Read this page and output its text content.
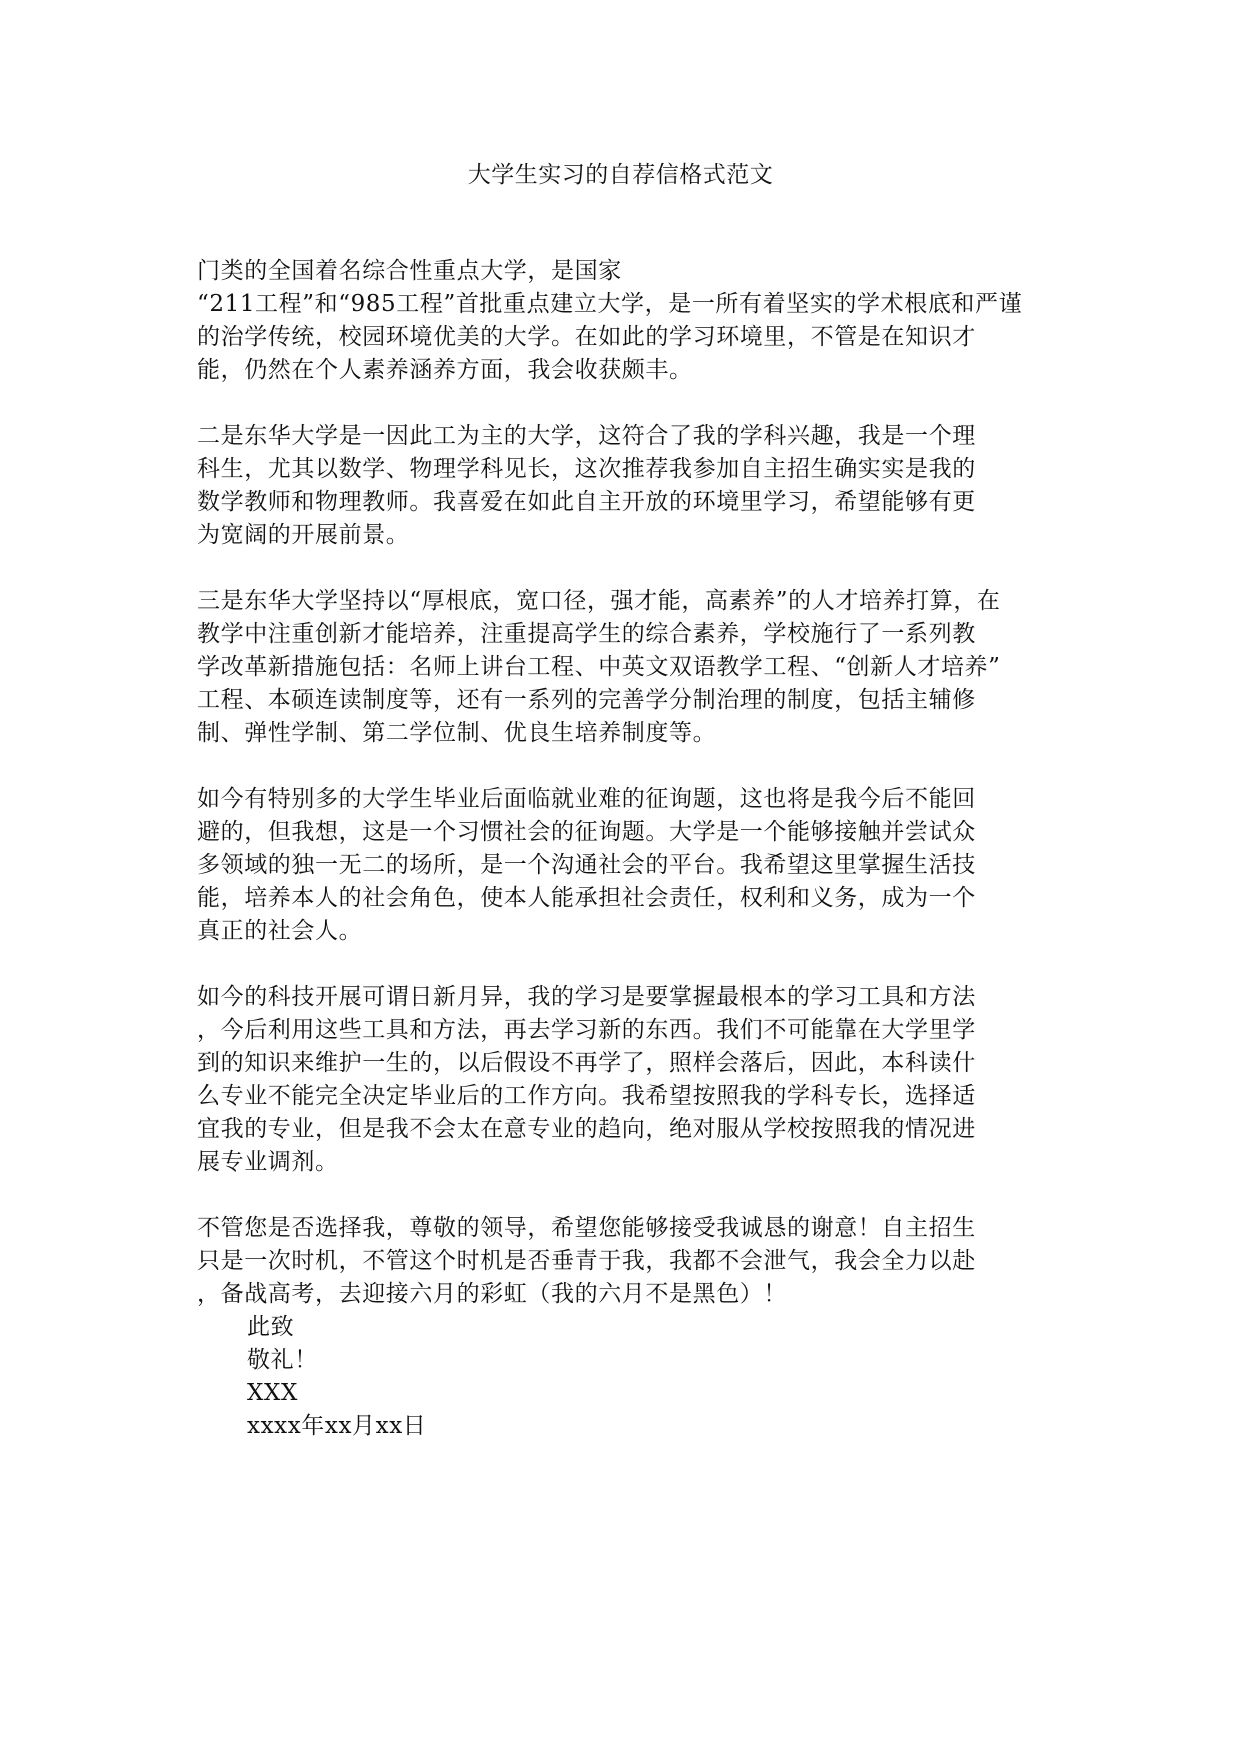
大学生实习的自荐信格式范文
门类的全国着名综合性重点大学，是国家
“211工程”和“985工程”首批重点建立大学，是一所有着坚实的学术根底和严谨
的治学传统，校园环境优美的大学。在如此的学习环境里，不管是在知识才
能，仍然在个人素养涵养方面，我会收获颇丰。
二是东华大学是一因此工为主的大学，这符合了我的学科兴趣，我是一个理
科生，尤其以数学、物理学科见长，这次推荐我参加自主招生确实实是我的
数学教师和物理教师。我喜爱在如此自主开放的环境里学习，希望能够有更
为宽阔的开展前景。
三是东华大学坚持以“厚根底，宽口径，强才能，高素养”的人才培养打算，在
教学中注重创新才能培养，注重提高学生的综合素养，学校施行了一系列教
学改革新措施包括：名师上讲台工程、中英文双语教学工程、“创新人才培养”
工程、本硕连读制度等，还有一系列的完善学分制治理的制度，包括主辅修
制、弹性学制、第二学位制、优良生培养制度等。
如今有特别多的大学生毕业后面临就业难的征询题，这也将是我今后不能回
避的，但我想，这是一个习惯社会的征询题。大学是一个能够接触并尝试众
多领域的独一无二的场所，是一个沟通社会的平台。我希望这里掌握生活技
能，培养本人的社会角色，使本人能承担社会责任，权利和义务，成为一个
真正的社会人。
如今的科技开展可谓日新月异，我的学习是要掌握最根本的学习工具和方法
，今后利用这些工具和方法，再去学习新的东西。我们不可能靠在大学里学
到的知识来维护一生的，以后假设不再学了，照样会落后，因此，本科读什
么专业不能完全决定毕业后的工作方向。我希望按照我的学科专长，选择适
宜我的专业，但是我不会太在意专业的趋向，绝对服从学校按照我的情况进
展专业调剂。
不管您是否选择我，尊敬的领导，希望您能够接受我诚恳的谢意！自主招生
只是一次时机，不管这个时机是否垂青于我，我都不会泄气，我会全力以赴
，备战高考，去迎接六月的彩虹（我的六月不是黑色）！
此致
敬礼！
XXX
xxxx年xx月xx日
